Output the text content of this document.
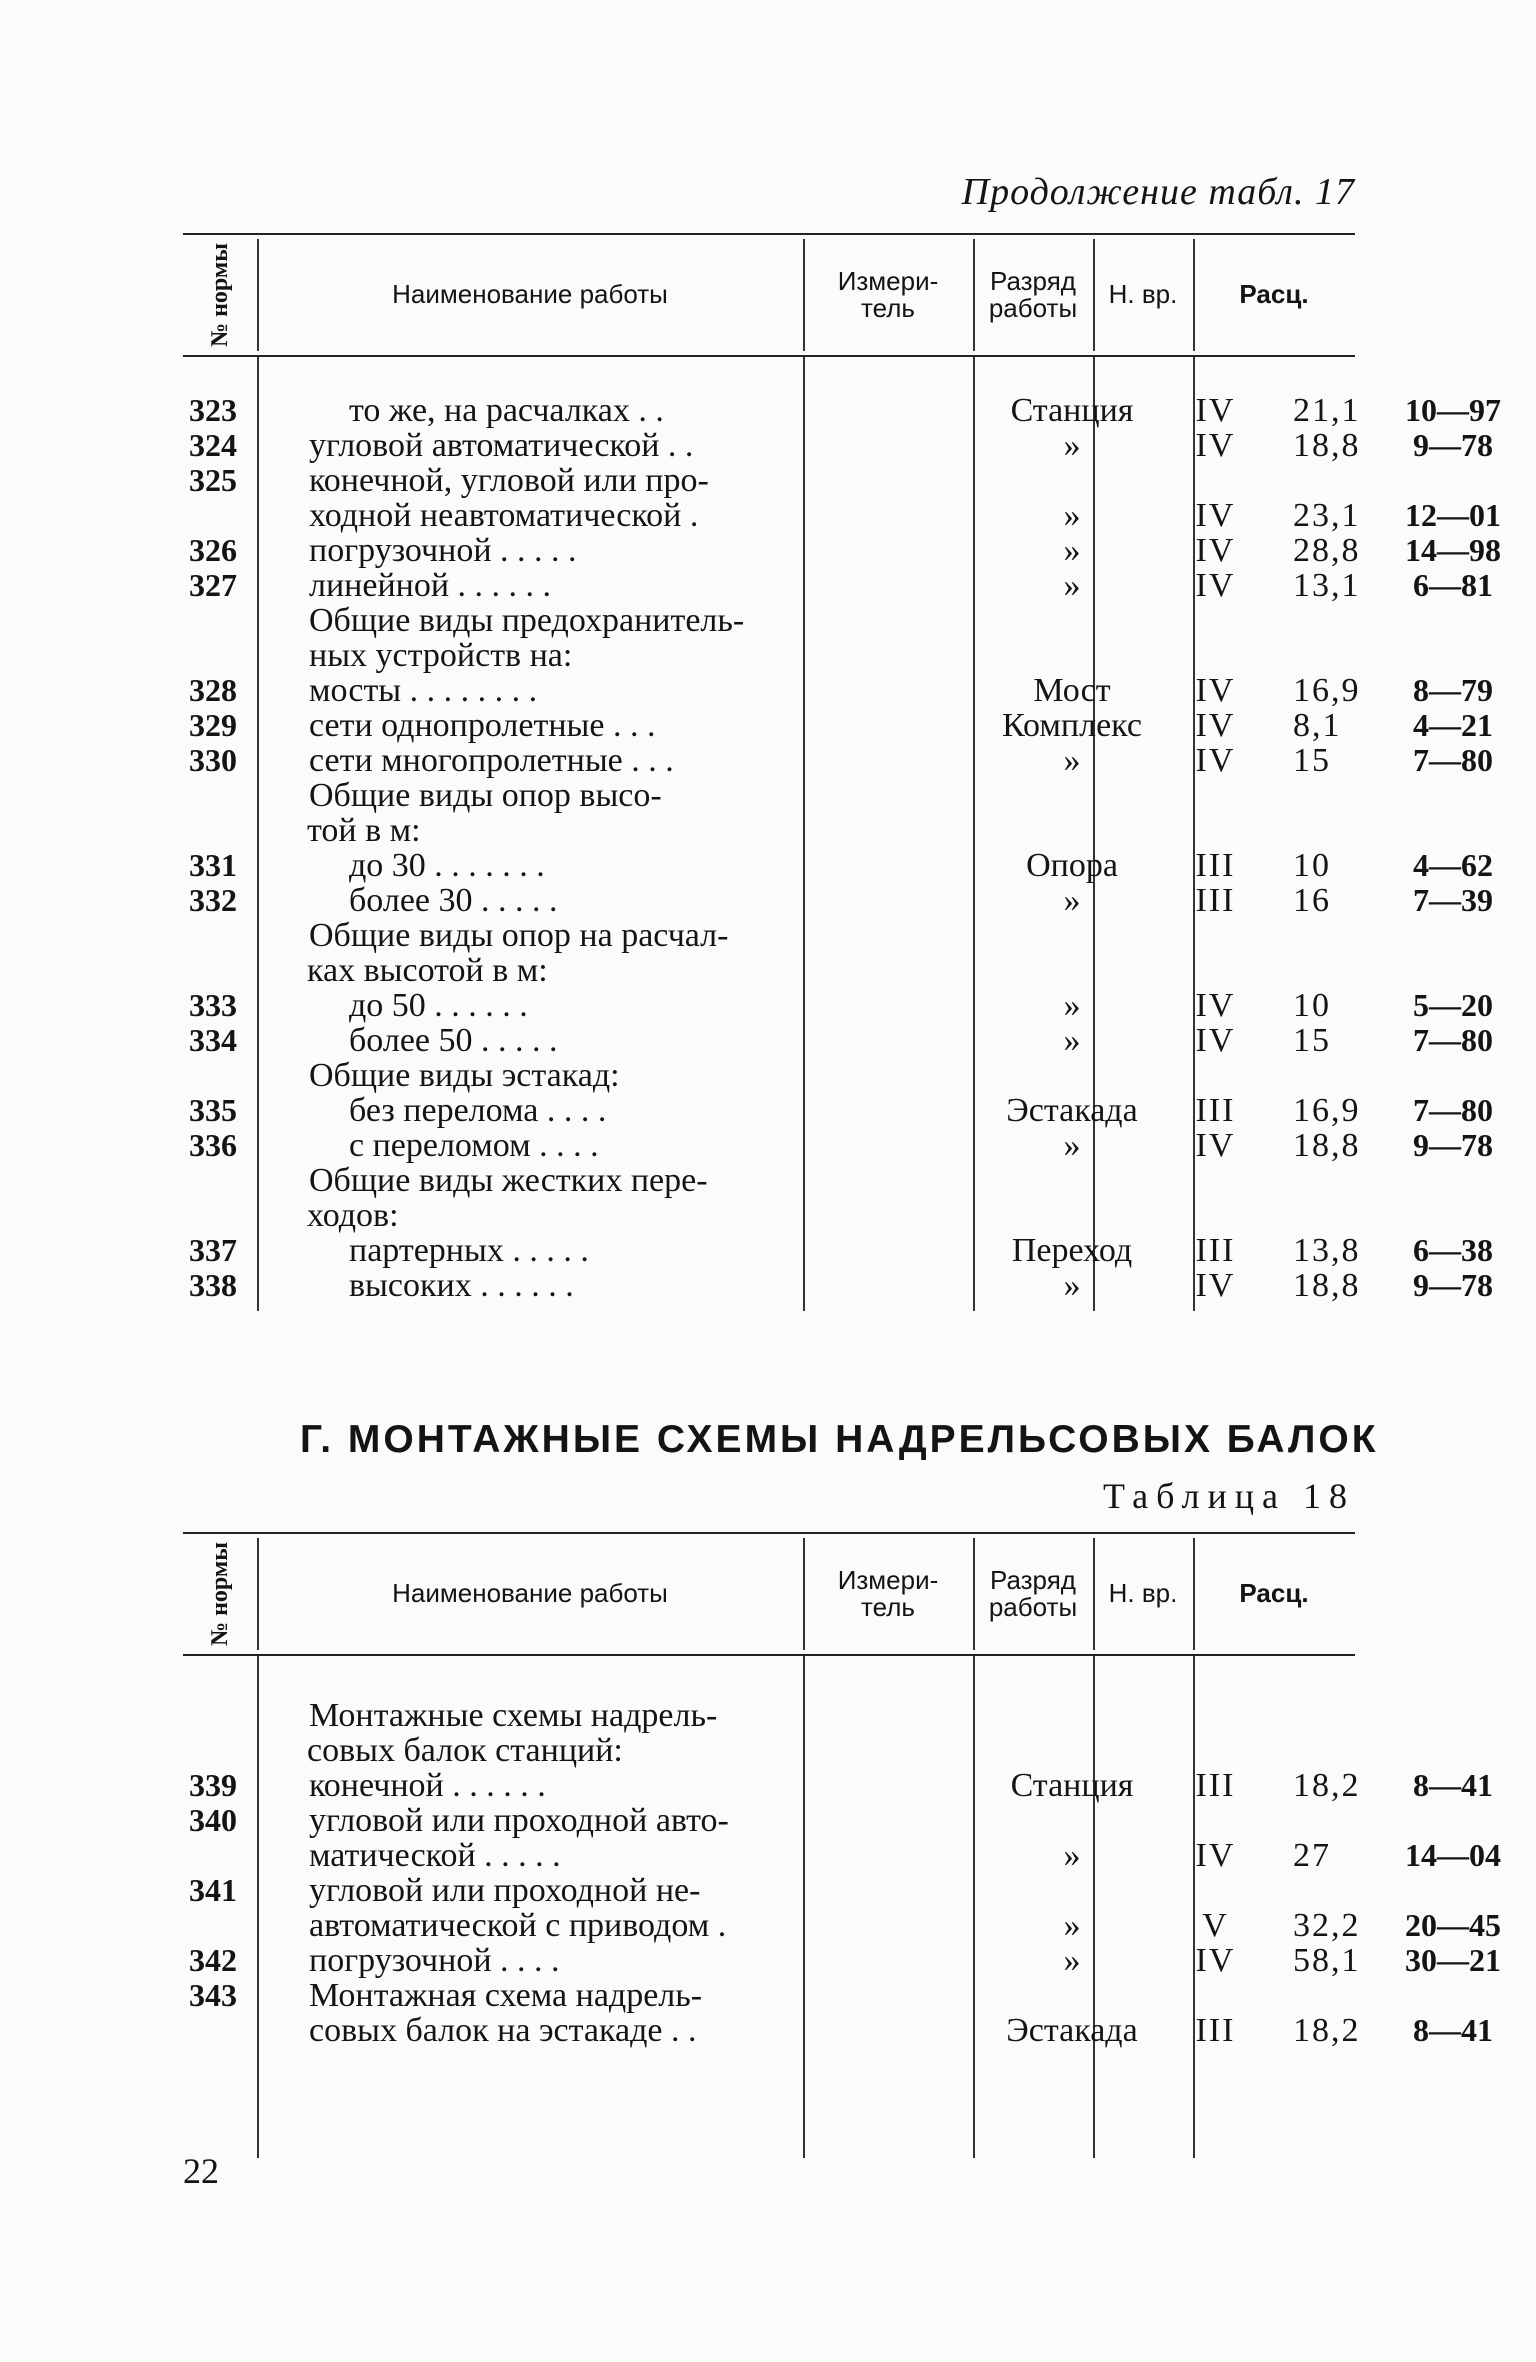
Продолжение табл. 17
№ нормы	Наименование работы	Измери-
тель
Разряд
работы	Н. вр.	Расц.
323	то же, на расчалках . .	Станция	IV	21,1	10—97
324 угловой автоматической . .	»	IV	18,8	9—78
325 конечной, угловой или про-
ходной неавтоматической .	»	IV	23,1	12—01
326 погрузочной . . . . .	»	IV	28,8	14—98
327 линейной . . . . . .	»	IV	13,1	6—81
Общие виды предохранитель-
ных устройств на:
328 мосты . . . . . . . .	Мост	IV	16,9	8—79
329 сети однопролетные . . .	Комплекс	IV	8,1	4—21
330 сети многопролетные . . .	»	IV	15	7—80
Общие виды опор высо-
той в м:
331	до 30 . . . . . . .	Опора	III	10	4—62
332	более 30 . . . . .	»	III	16	7—39
Общие виды опор на расчал-
ках высотой в м:
333	до 50 . . . . . .	»	IV	10	5—20
334	более 50 . . . . .	»	IV	15	7—80
Общие виды эстакад:
335	без перелома . . . .	Эстакада	III	16,9	7—80
336	с переломом . . . .	»	IV	18,8	9—78
Общие виды жестких пере-
ходов:
337	партерных . . . . .	Переход	III	13,8	6—38
338	высоких . . . . . .	»	IV	18,8	9—78
Г. МОНТАЖНЫЕ СХЕМЫ НАДРЕЛЬСОВЫХ БАЛОК
Таблица 18
№ нормы	Наименование работы	Измери-
тель
Разряд
работы	Н. вр.	Расц.
Монтажные схемы надрель-
совых балок станций:
339 конечной . . . . . .	Станция	III	18,2	8—41
340 угловой или проходной авто-
матической . . . . .	»	IV	27	14—04
341 угловой или проходной не-
автоматической с приводом .	»	V	32,2	20—45
342 погрузочной . . . .	»	IV	58,1	30—21
343 Монтажная схема надрель-
совых балок на эстакаде . .	Эстакада	III	18,2	8—41
22
